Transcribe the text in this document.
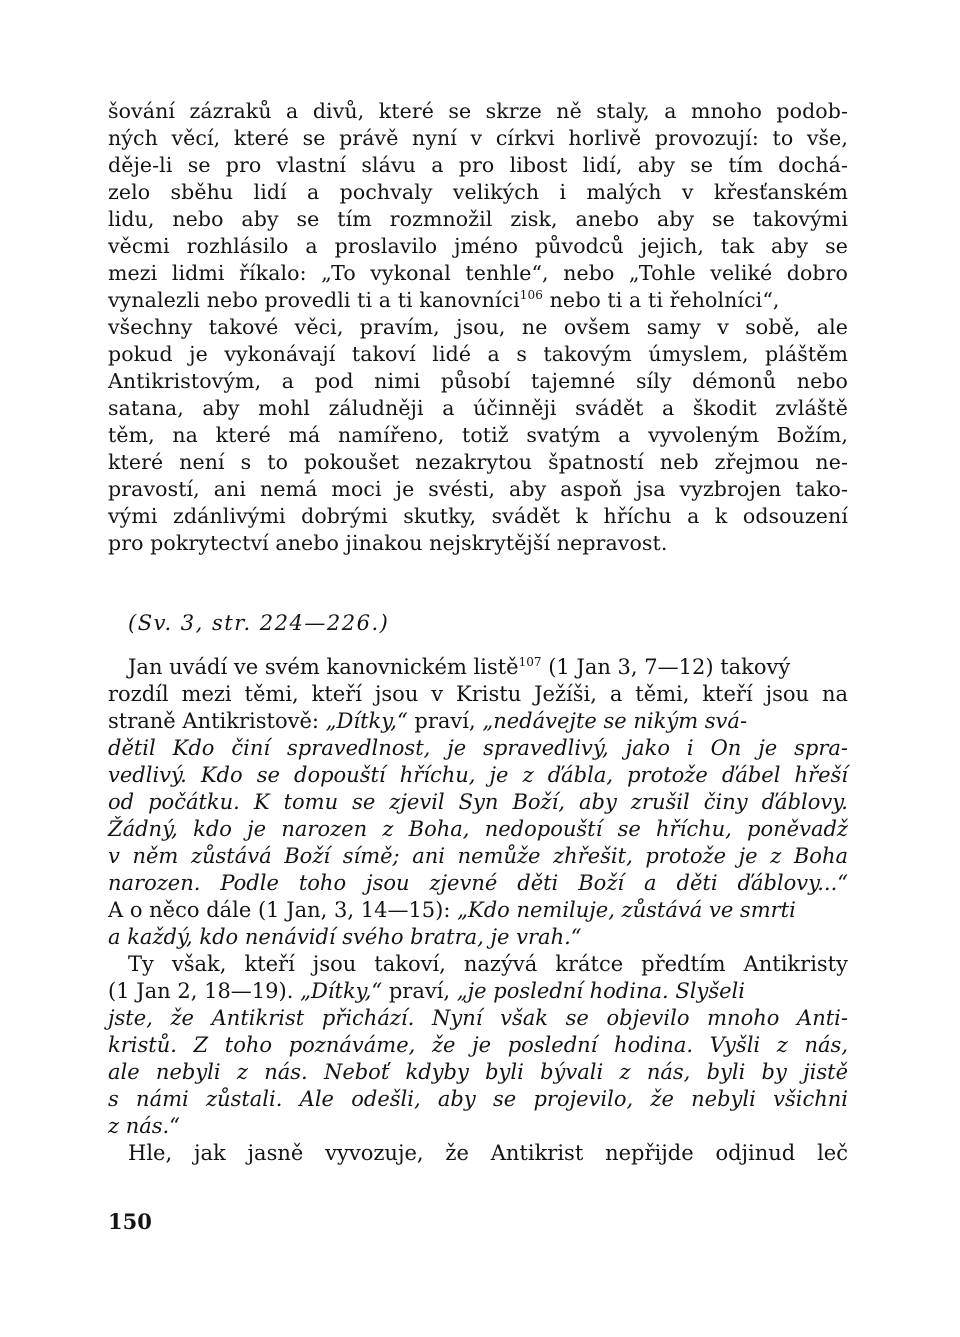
šování zázraků a divů, které se skrze ně staly, a mnoho podob-
ných věcí, které se právě nyní v církvi horlivě provozují: to vše,
děje-li se pro vlastní slávu a pro libost lidí, aby se tím dochá-
zelo sběhu lidí a pochvaly velikých i malých v křesťanském
lidu, nebo aby se tím rozmnožil zisk, anebo aby se takovými
věcmi rozhlásilo a proslavilo jméno původců jejich, tak aby se
mezi lidmi říkalo: „To vykonal tenhle“, nebo „Tohle veliké dobro
vynalezli nebo provedli ti a ti kanovníci$^{106}$ nebo ti a ti řeholníci“,
všechny takové věci, pravím, jsou, ne ovšem samy v sobě, ale
pokud je vykonávají takoví lidé a s takovým úmyslem, pláštěm
Antikristovým, a pod nimi působí tajemné síly démonů nebo
satana, aby mohl záludněji a účinněji svádět a škodit zvláště
těm, na které má namířeno, totiž svatým a vyvoleným Božím,
které není s to pokoušet nezakrytou špatností neb zřejmou ne-
pravostí, ani nemá moci je svésti, aby aspoň jsa vyzbrojen tako-
vými zdánlivými dobrými skutky, svádět k hříchu a k odsouzení
pro pokrytectví anebo jinakou nejskrytější nepravost.
(Sv. 3, str. 224—226.)
Jan uvádí ve svém kanovnickém listě$^{107}$ (1 Jan 3, 7—12) takový
rozdíl mezi těmi, kteří jsou v Kristu Ježíši, a těmi, kteří jsou na
straně Antikristově: „Dítky,“ praví, „nedávejte se nikým svá-
dětil Kdo činí spravedlnost, je spravedlivý, jako i On je spra-
vedlivý. Kdo se dopouští hříchu, je z ďábla, protože ďábel hřeší
od počátku. K tomu se zjevil Syn Boží, aby zrušil činy ďáblovy.
Žádný, kdo je narozen z Boha, nedopouští se hříchu, poněvadž
v něm zůstává Boží símě; ani nemůže zhřešit, protože je z Boha
narozen. Podle toho jsou zjevné děti Boží a děti ďáblovy...“
A o něco dále (1 Jan, 3, 14—15): „Kdo nemiluje, zůstává ve smrti
a každý, kdo nenávidí svého bratra, je vrah.“
Ty však, kteří jsou takoví, nazývá krátce předtím Antikristy
(1 Jan 2, 18—19). „Dítky,“ praví, „je poslední hodina. Slyšeli
jste, že Antikrist přichází. Nyní však se objevilo mnoho Anti-
kristů. Z toho poznáváme, že je poslední hodina. Vyšli z nás,
ale nebyli z nás. Neboť kdyby byli bývali z nás, byli by jistě
s námi zůstali. Ale odešli, aby se projevilo, že nebyli všichni
z nás.“
Hle, jak jasně vyvozuje, že Antikrist nepřijde odjinud leč
150
